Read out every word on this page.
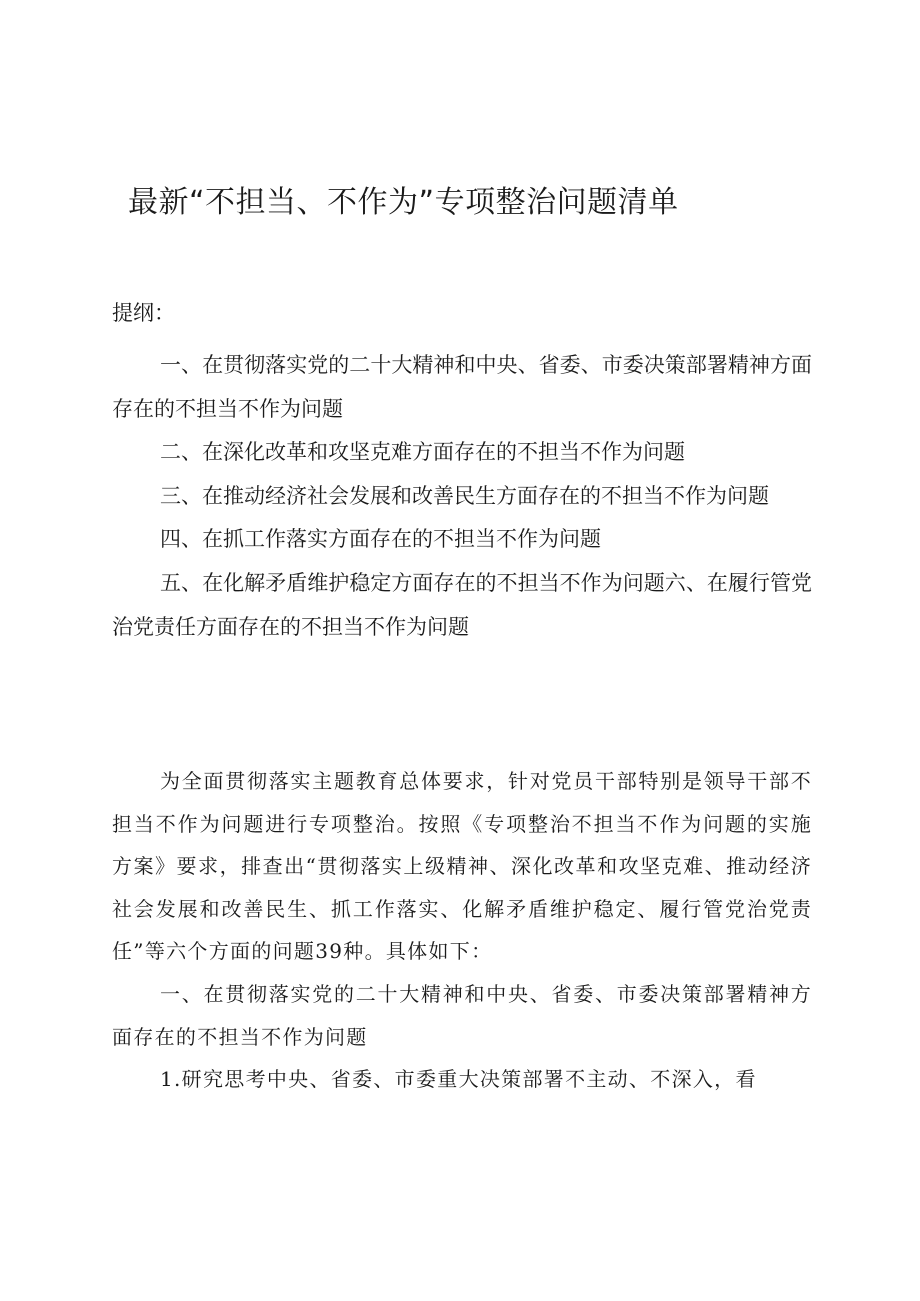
最新“不担当、不作为”专项整治问题清单
提纲：

一、在贯彻落实党的二十大精神和中央、省委、市委决策部署精神方面存在的不担当不作为问题

二、在深化改革和攻坚克难方面存在的不担当不作为问题

三、在推动经济社会发展和改善民生方面存在的不担当不作为问题

四、在抓工作落实方面存在的不担当不作为问题

五、在化解矛盾维护稳定方面存在的不担当不作为问题六、在履行管党治党责任方面存在的不担当不作为问题

为全面贯彻落实主题教育总体要求，针对党员干部特别是领导干部不担当不作为问题进行专项整治。按照《专项整治不担当不作为问题的实施方案》要求，排查出“贯彻落实上级精神、深化改革和攻坚克难、推动经济社会发展和改善民生、抓工作落实、化解矛盾维护稳定、履行管党治党责任”等六个方面的问题39种。具体如下：

一、在贯彻落实党的二十大精神和中央、省委、市委决策部署精神方面存在的不担当不作为问题

1.研究思考中央、省委、市委重大决策部署不主动、不深入，看
